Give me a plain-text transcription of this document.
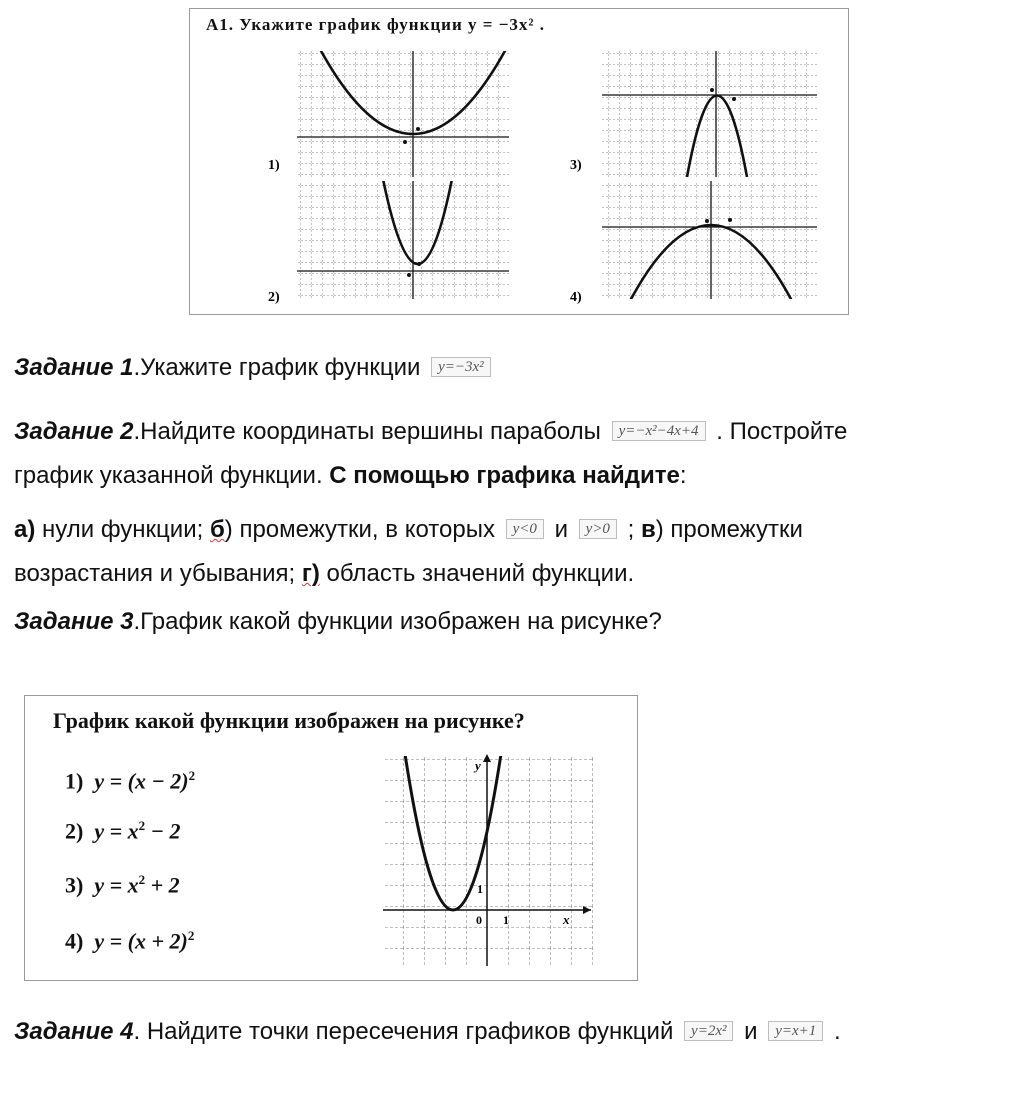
А1. Укажите график функции y = −3x² .
1)
2)
3)
4)
Задание 1.Укажите график функции y=−3x²
Задание 2.Найдите координаты вершины параболы y=−x²−4x+4 . Постройте
график указанной функции. С помощью графика найдите:
а) нули функции; б) промежутки, в которых y<0 и y>0 ; в) промежутки
возрастания и убывания; г) область значений функции.
Задание 3.График какой функции изображен на рисунке?
График какой функции изображен на рисунке?
1) $y = (x - 2)^2$
2) $y = x^2 - 2$
3) $y = x^2 + 2$
4) $y = (x + 2)^2$
y
x
0 1
1
Задание 4. Найдите точки пересечения графиков функций y=2x² и y=x+1 .
